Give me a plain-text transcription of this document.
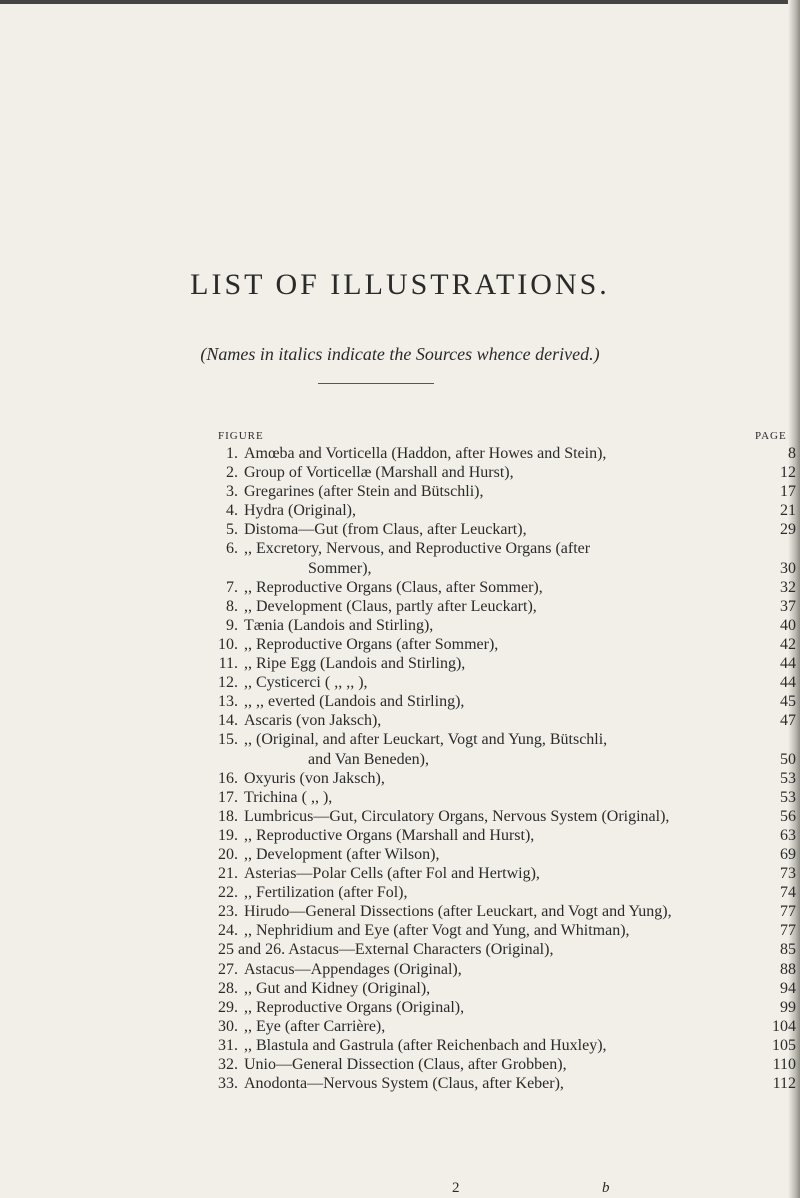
LIST OF ILLUSTRATIONS.
(Names in italics indicate the Sources whence derived.)
FIGURE	PAGE
1. Amœba and Vorticella (Haddon, after Howes and Stein),	8
2. Group of Vorticellæ (Marshall and Hurst),	12
3. Gregarines (after Stein and Bütschli),	17
4. Hydra (Original),	21
5. Distoma—Gut (from Claus, after Leuckart),	29
6. ,, Excretory, Nervous, and Reproductive Organs (after
Sommer),	30
7. ,, Reproductive Organs (Claus, after Sommer),	32
8. ,, Development (Claus, partly after Leuckart),	37
9. Tænia (Landois and Stirling),	40
10. ,, Reproductive Organs (after Sommer),	42
11. ,, Ripe Egg (Landois and Stirling),	44
12. ,, Cysticerci ( ,, ,, ),	44
13. ,, ,, everted (Landois and Stirling),	45
14. Ascaris (von Jaksch),	47
15. ,, (Original, and after Leuckart, Vogt and Yung, Bütschli,
and Van Beneden),	50
16. Oxyuris (von Jaksch),	53
17. Trichina ( ,, ),	53
18. Lumbricus—Gut, Circulatory Organs, Nervous System (Original),	56
19. ,, Reproductive Organs (Marshall and Hurst),	63
20. ,, Development (after Wilson),	69
21. Asterias—Polar Cells (after Fol and Hertwig),	73
22. ,, Fertilization (after Fol),	74
23. Hirudo—General Dissections (after Leuckart, and Vogt and Yung),	77
24. ,, Nephridium and Eye (after Vogt and Yung, and Whitman),	77
25 and 26. Astacus—External Characters (Original),	85
27. Astacus—Appendages (Original),	88
28. ,, Gut and Kidney (Original),	94
29. ,, Reproductive Organs (Original),	99
30. ,, Eye (after Carrière),	104
31. ,, Blastula and Gastrula (after Reichenbach and Huxley),	105
32. Unio—General Dissection (Claus, after Grobben),	110
33. Anodonta—Nervous System (Claus, after Keber),	112
2	b
